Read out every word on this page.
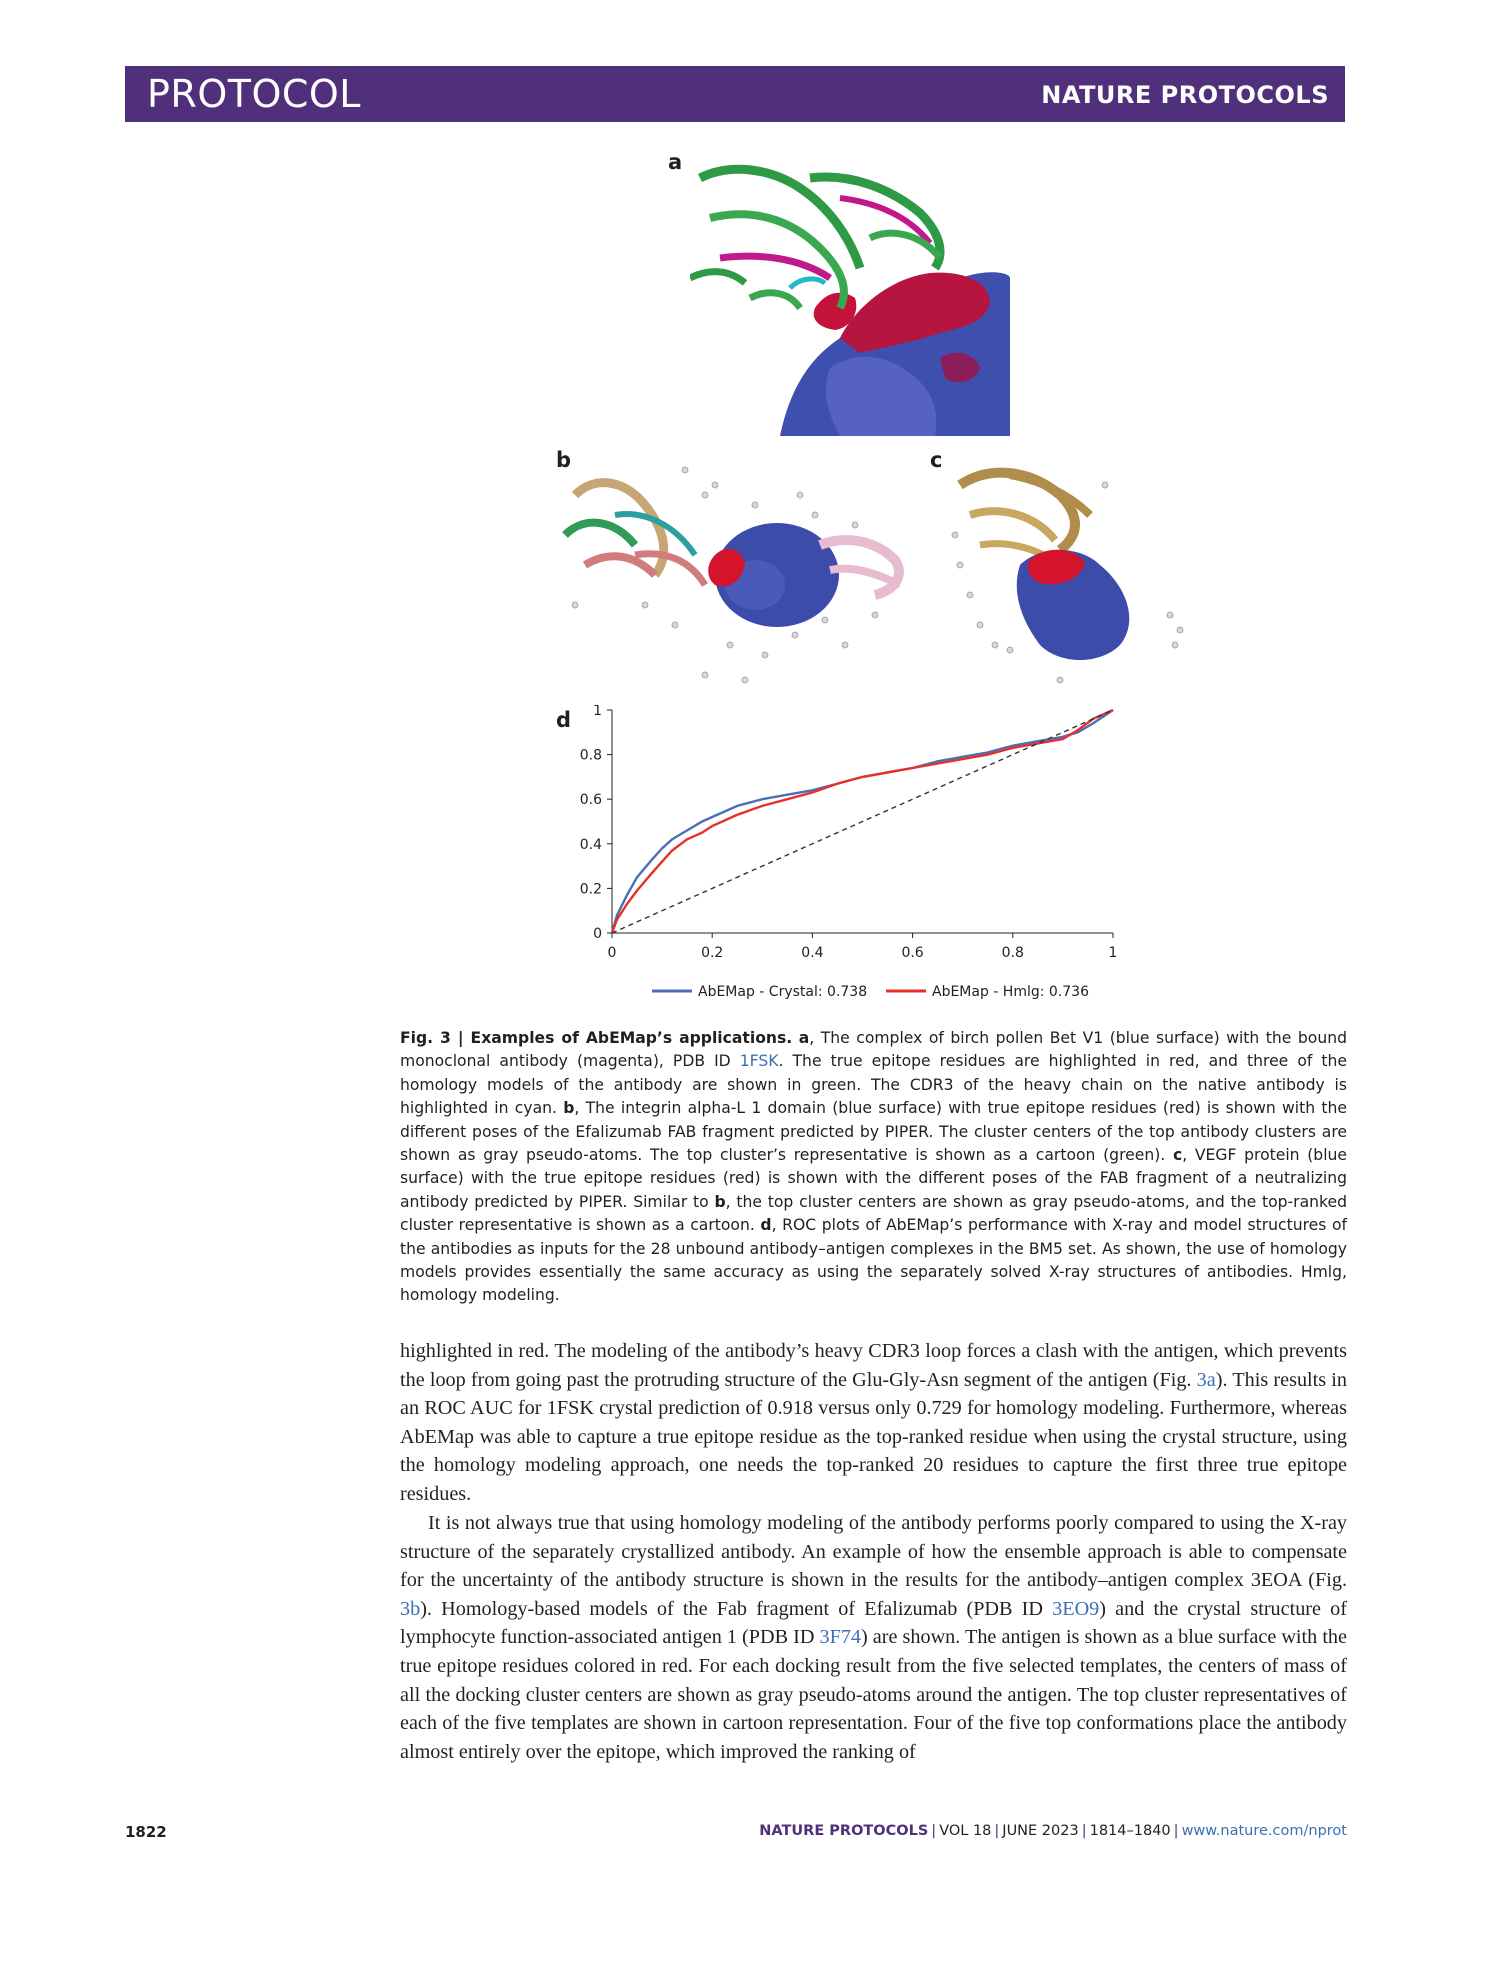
PROTOCOL	NATURE PROTOCOLS
a
b	c
d
0
0.2
0.4
0.6
0.8
1
0	0.2	0.4	0.6	0.8	1
AbEMap - Crystal: 0.738	AbEMap - Hmlg: 0.736
Fig. 3 | Examples of AbEMap’s applications. a, The complex of birch pollen Bet V1 (blue surface) with the bound monoclonal antibody (magenta), PDB ID 1FSK. The true epitope residues are highlighted in red, and three of the homology models of the antibody are shown in green. The CDR3 of the heavy chain on the native antibody is highlighted in cyan. b, The integrin alpha-L 1 domain (blue surface) with true epitope residues (red) is shown with the different poses of the Efalizumab FAB fragment predicted by PIPER. The cluster centers of the top antibody clusters are shown as gray pseudo-atoms. The top cluster’s representative is shown as a cartoon (green). c, VEGF protein (blue surface) with the true epitope residues (red) is shown with the different poses of the FAB fragment of a neutralizing antibody predicted by PIPER. Similar to b, the top cluster centers are shown as gray pseudo-atoms, and the top-ranked cluster representative is shown as a cartoon. d, ROC plots of AbEMap’s performance with X-ray and model structures of the antibodies as inputs for the 28 unbound antibody–antigen complexes in the BM5 set. As shown, the use of homology models provides essentially the same accuracy as using the separately solved X-ray structures of antibodies. Hmlg, homology modeling.
highlighted in red. The modeling of the antibody’s heavy CDR3 loop forces a clash with the antigen, which prevents the loop from going past the protruding structure of the Glu-Gly-Asn segment of the antigen (Fig. 3a). This results in an ROC AUC for 1FSK crystal prediction of 0.918 versus only 0.729 for homology modeling. Furthermore, whereas AbEMap was able to capture a true epitope residue as the top-ranked residue when using the crystal structure, using the homology modeling approach, one needs the top-ranked 20 residues to capture the first three true epitope residues.
It is not always true that using homology modeling of the antibody performs poorly compared to using the X-ray structure of the separately crystallized antibody. An example of how the ensemble approach is able to compensate for the uncertainty of the antibody structure is shown in the results for the antibody–antigen complex 3EOA (Fig. 3b). Homology-based models of the Fab fragment of Efalizumab (PDB ID 3EO9) and the crystal structure of lymphocyte function-associated antigen 1 (PDB ID 3F74) are shown. The antigen is shown as a blue surface with the true epitope residues colored in red. For each docking result from the five selected templates, the centers of mass of all the docking cluster centers are shown as gray pseudo-atoms around the antigen. The top cluster representatives of each of the five templates are shown in cartoon representation. Four of the five top conformations place the antibody almost entirely over the epitope, which improved the ranking of
1822	NATURE PROTOCOLS | VOL 18 | JUNE 2023 | 1814–1840 | www.nature.com/nprot
